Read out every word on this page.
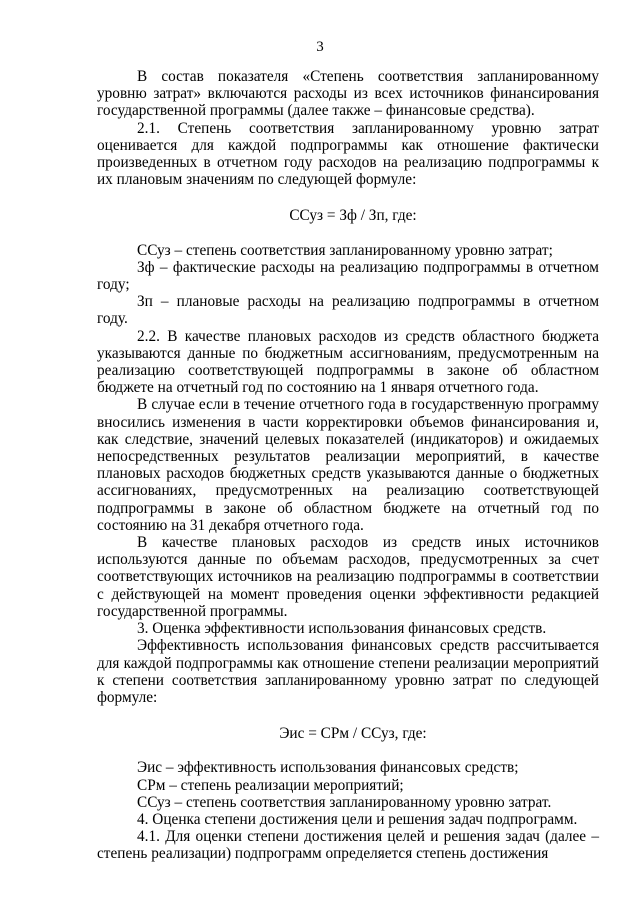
3

В состав показателя «Степень соответствия запланированному уровню затрат» включаются расходы из всех источников финансирования государственной программы (далее также – финансовые средства).

2.1. Степень соответствия запланированному уровню затрат оценивается для каждой подпрограммы как отношение фактически произведенных в отчетном году расходов на реализацию подпрограммы к их плановым значениям по следующей формуле:

ССуз = Зф / Зп, где:

ССуз – степень соответствия запланированному уровню затрат;

Зф – фактические расходы на реализацию подпрограммы в отчетном году;

Зп – плановые расходы на реализацию подпрограммы в отчетном году.

2.2. В качестве плановых расходов из средств областного бюджета указываются данные по бюджетным ассигнованиям, предусмотренным на реализацию соответствующей подпрограммы в законе об областном бюджете на отчетный год по состоянию на 1 января отчетного года.

В случае если в течение отчетного года в государственную программу вносились изменения в части корректировки объемов финансирования и, как следствие, значений целевых показателей (индикаторов) и ожидаемых непосредственных результатов реализации мероприятий, в качестве плановых расходов бюджетных средств указываются данные о бюджетных ассигнованиях, предусмотренных на реализацию соответствующей подпрограммы в законе об областном бюджете на отчетный год по состоянию на 31 декабря отчетного года.

В качестве плановых расходов из средств иных источников используются данные по объемам расходов, предусмотренных за счет соответствующих источников на реализацию подпрограммы в соответствии с действующей на момент проведения оценки эффективности редакцией государственной программы.

3. Оценка эффективности использования финансовых средств.

Эффективность использования финансовых средств рассчитывается для каждой подпрограммы как отношение степени реализации мероприятий к степени соответствия запланированному уровню затрат по следующей формуле:

Эис = СРм / ССуз, где:

Эис – эффективность использования финансовых средств;

СРм – степень реализации мероприятий;

ССуз – степень соответствия запланированному уровню затрат.

4. Оценка степени достижения цели и решения задач подпрограмм.

4.1. Для оценки степени достижения целей и решения задач (далее – степень реализации) подпрограмм определяется степень достижения
